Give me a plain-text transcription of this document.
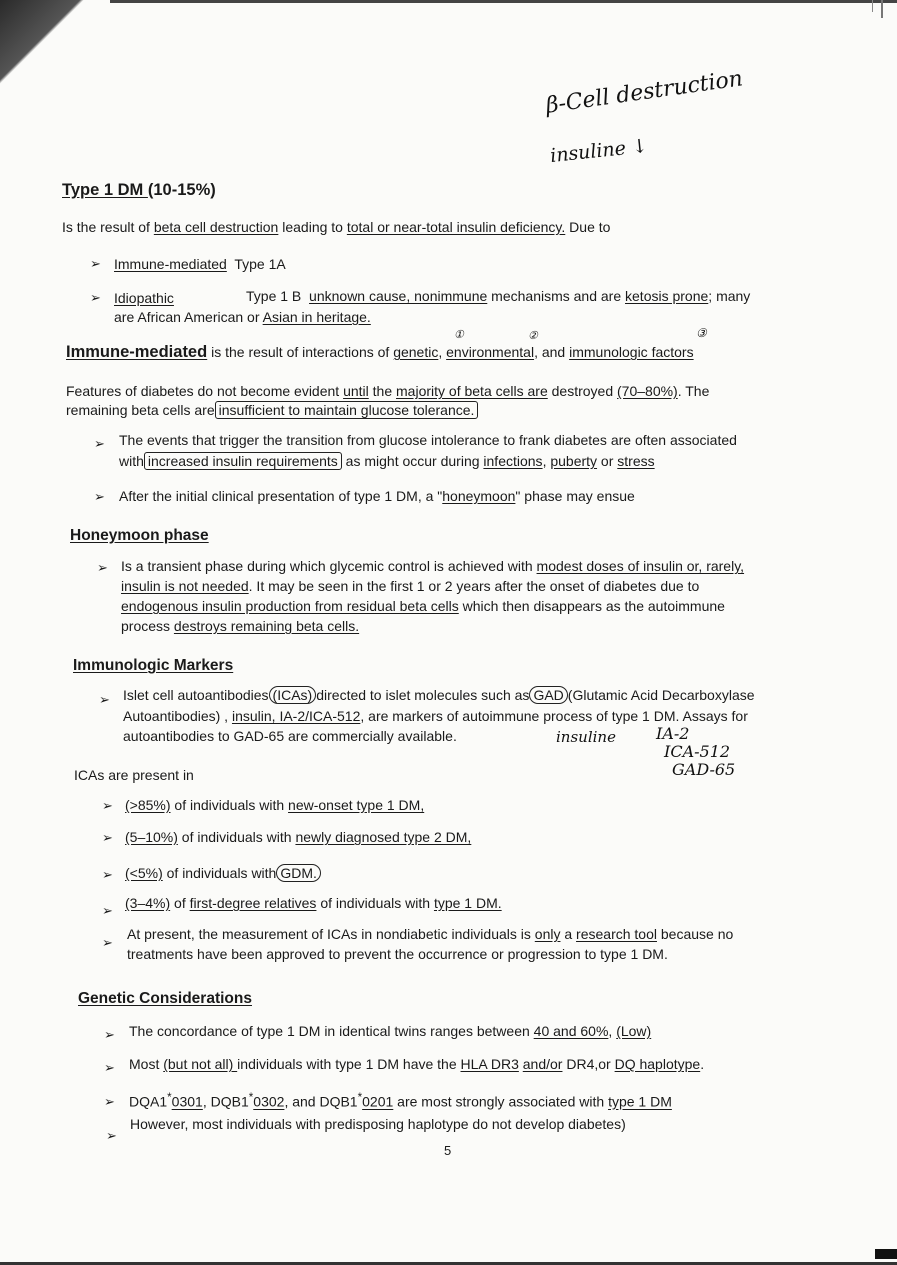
β-Cell destruction
insuline ↓
Type 1 DM (10-15%)
Is the result of beta cell destruction leading to total or near-total insulin deficiency. Due to
➢ Immune-mediated Type 1A
➢ Idiopathic	Type 1 B unknown cause, nonimmune mechanisms and are ketosis prone; many
are African American or Asian in heritage.
①	②	③
Immune-mediated is the result of interactions of genetic, environmental, and immunologic factors
Features of diabetes do not become evident until the majority of beta cells are destroyed (70–80%). The
remaining beta cells are insufficient to maintain glucose tolerance.
➢ The events that trigger the transition from glucose intolerance to frank diabetes are often associated
with increased insulin requirements as might occur during infections, puberty or stress
➢ After the initial clinical presentation of type 1 DM, a "honeymoon" phase may ensue
Honeymoon phase
➢ Is a transient phase during which glycemic control is achieved with modest doses of insulin or, rarely,
insulin is not needed. It may be seen in the first 1 or 2 years after the onset of diabetes due to
endogenous insulin production from residual beta cells which then disappears as the autoimmune
process destroys remaining beta cells.
Immunologic Markers
➢ Islet cell autoantibodies (ICAs) directed to islet molecules such as GAD (Glutamic Acid Decarboxylase
Autoantibodies) , insulin, IA-2/ICA-512, are markers of autoimmune process of type 1 DM. Assays for
autoantibodies to GAD-65 are commercially available.	insuline	IA-2
ICA-512
GAD-65
ICAs are present in
➢ (>85%) of individuals with new-onset type 1 DM,
➢ (5–10%) of individuals with newly diagnosed type 2 DM,
➢ (<5%) of individuals with GDM.
➢ (3–4%) of first-degree relatives of individuals with type 1 DM.
➢
At present, the measurement of ICAs in nondiabetic individuals is only a research tool because no
treatments have been approved to prevent the occurrence or progression to type 1 DM.
Genetic Considerations
➢ The concordance of type 1 DM in identical twins ranges between 40 and 60%, (Low)
➢ Most (but not all) individuals with type 1 DM have the HLA DR3 and/or DR4,or DQ haplotype.
➢ DQA1*0301, DQB1*0302, and DQB1*0201 are most strongly associated with type 1 DM
➢
However, most individuals with predisposing haplotype do not develop diabetes)
5
